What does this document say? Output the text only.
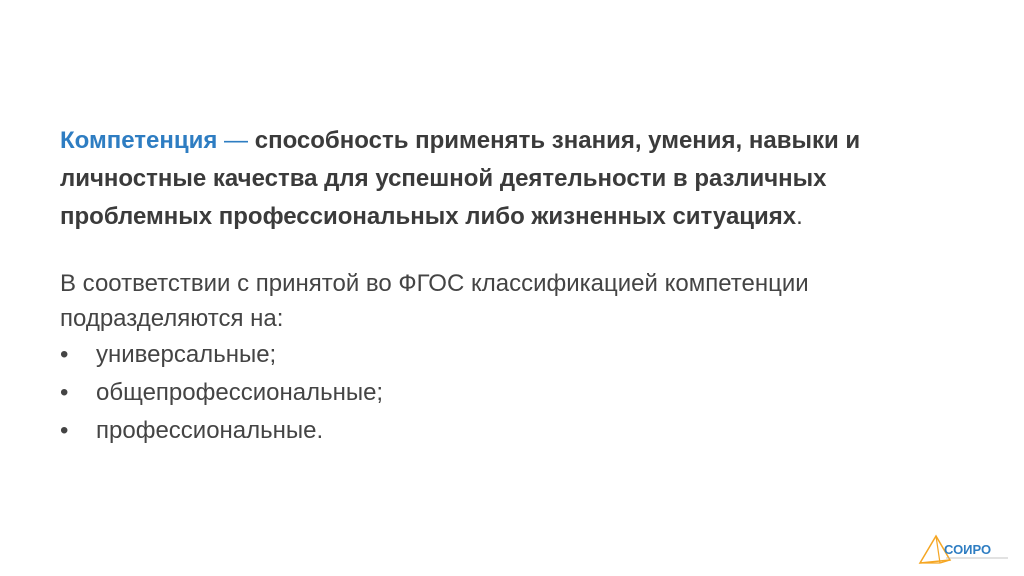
Компетенция — способность применять знания, умения, навыки и
личностные качества для успешной деятельности в различных
проблемных профессиональных либо жизненных ситуациях.
В соответствии с принятой во ФГОС классификацией компетенции
подразделяются на:
• универсальные;
• общепрофессиональные;
• профессиональные.
СОИРО
